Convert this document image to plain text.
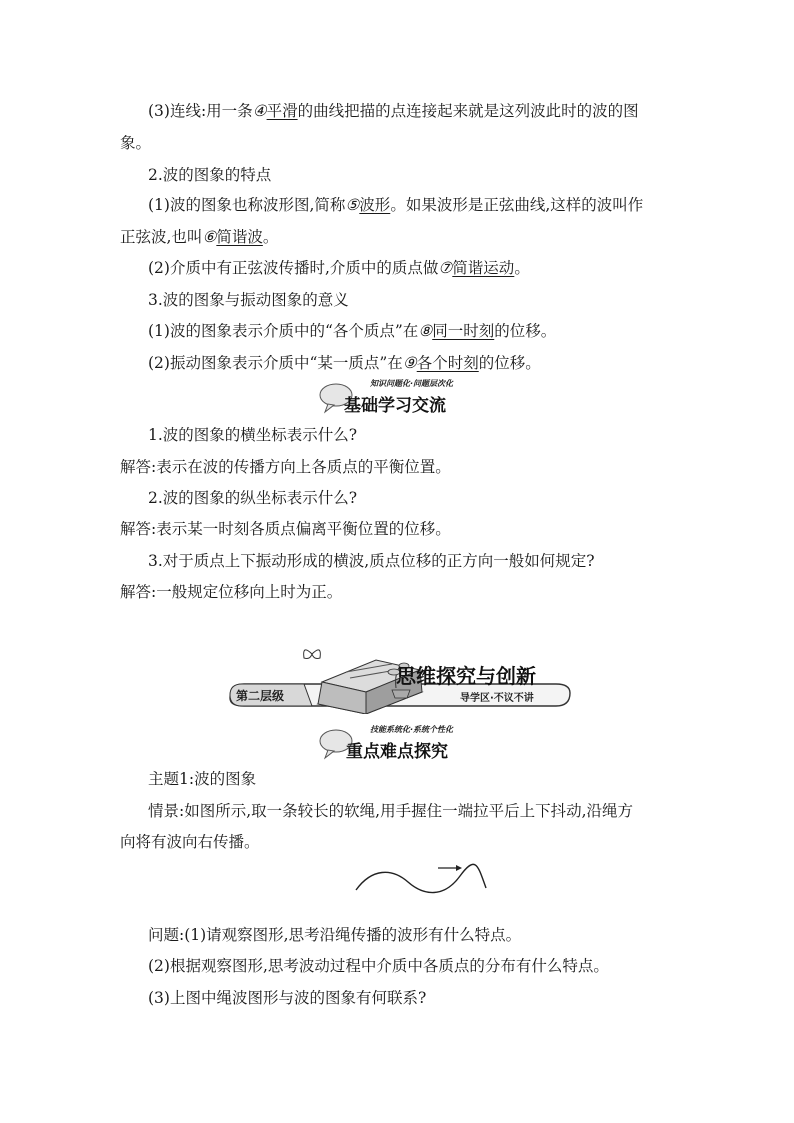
(3)连线:用一条④平滑的曲线把描的点连接起来就是这列波此时的波的图

象。

2.波的图象的特点

(1)波的图象也称波形图,简称⑤波形。如果波形是正弦曲线,这样的波叫作

正弦波,也叫⑥简谐波。

(2)介质中有正弦波传播时,介质中的质点做⑦简谐运动。

3.波的图象与振动图象的意义

(1)波的图象表示介质中的“各个质点”在⑧同一时刻的位移。

(2)振动图象表示介质中“某一质点”在⑨各个时刻的位移。

知识问题化·问题层次化
基础学习交流

1.波的图象的横坐标表示什么?

解答:表示在波的传播方向上各质点的平衡位置。

2.波的图象的纵坐标表示什么?

解答:表示某一时刻各质点偏离平衡位置的位移。

3.对于质点上下振动形成的横波,质点位移的正方向一般如何规定?

解答:一般规定位移向上时为正。

第二层级
思维探究与创新
导学区·不议不讲
技能系统化·系统个性化
重点难点探究

主题1:波的图象

情景:如图所示,取一条较长的软绳,用手握住一端拉平后上下抖动,沿绳方

向将有波向右传播。

问题:(1)请观察图形,思考沿绳传播的波形有什么特点。

(2)根据观察图形,思考波动过程中介质中各质点的分布有什么特点。

(3)上图中绳波图形与波的图象有何联系?
